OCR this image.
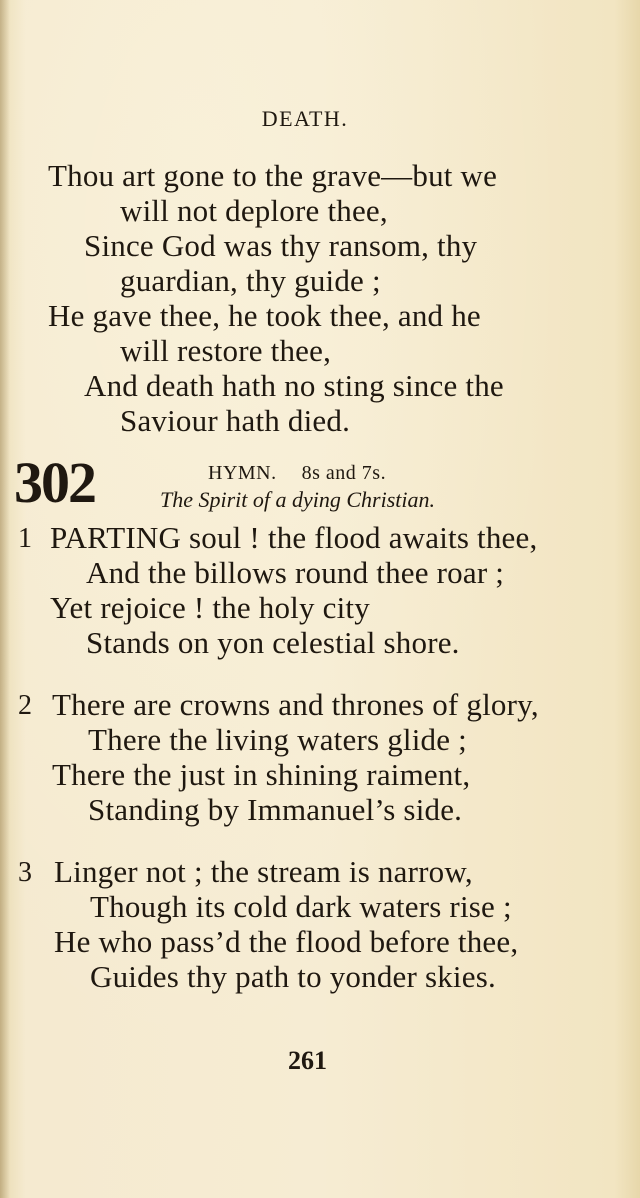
DEATH.
Thou art gone to the grave—but we
will not deplore thee,
Since God was thy ransom, thy
guardian, thy guide ;
He gave thee, he took thee, and he
will restore thee,
And death hath no sting since the
Saviour hath died.
302	HYMN. 8s and 7s.
The Spirit of a dying Christian.
1 PARTING soul ! the flood awaits thee,
And the billows round thee roar ;
Yet rejoice ! the holy city
Stands on yon celestial shore.
2 There are crowns and thrones of glory,
There the living waters glide ;
There the just in shining raiment,
Standing by Immanuel’s side.
3 Linger not ; the stream is narrow,
Though its cold dark waters rise ;
He who pass’d the flood before thee,
Guides thy path to yonder skies.
261
